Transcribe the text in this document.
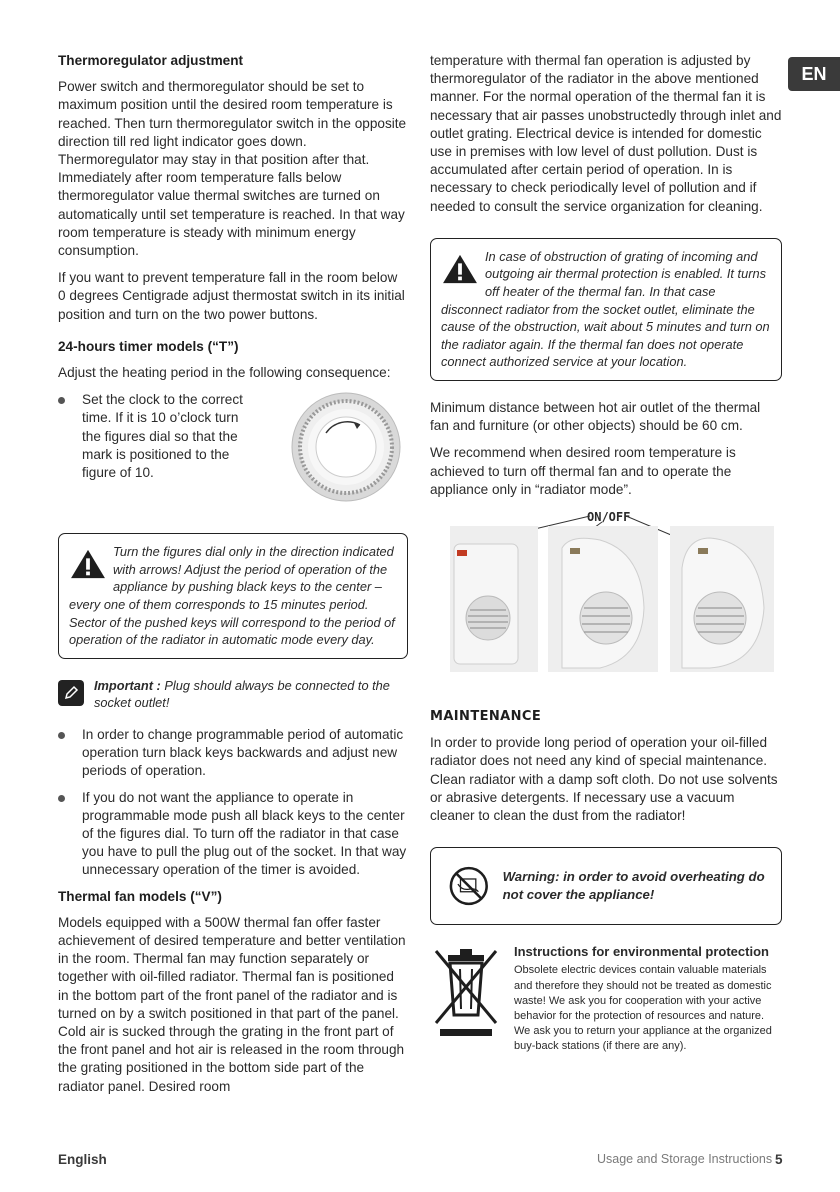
EN
Thermoregulator adjustment

Power switch and thermoregulator should be set to maximum position until the desired room temperature is reached. Then turn thermoregulator switch in the opposite direction till red light indicator goes down. Thermoregulator may stay in that position after that. Immediately after room temperature falls below thermoregulator value thermal switches are turned on automatically until set temperature is reached. In that way room temperature is steady with minimum energy consumption.

If you want to prevent temperature fall in the room below 0 degrees Centigrade adjust thermostat switch in its initial position and turn on the two power buttons.

24-hours timer models (“T”)

Adjust the heating period in the following consequence:

Set the clock to the correct time. If it is 10 o’clock turn the figures dial so that the mark is positioned to the figure of 10.
Turn the figures dial only in the direction indicated with arrows! Adjust the period of operation of the appliance by pushing black keys to the center – every one of them corresponds to 15 minutes period. Sector of the pushed keys will correspond to the period of operation of the radiator in automatic mode every day.
Important : Plug should always be connected to the socket outlet!
In order to change programmable period of automatic operation turn black keys backwards and adjust new periods of operation.
If you do not want the appliance to operate in programmable mode push all black keys to the center of the figures dial. To turn off the radiator in that case you have to pull the plug out of the socket. In that way unnecessary operation of the timer is avoided.
Thermal fan models (“V”)

Models equipped with a 500W thermal fan offer faster achievement of desired temperature and better ventilation in the room. Thermal fan may function separately or together with oil-filled radiator. Thermal fan is positioned in the bottom part of the front panel of the radiator and is turned on by a switch positioned in that part of the panel. Cold air is sucked through the grating in the front part of the front panel and hot air is released in the room through the grating positioned in the bottom side part of the radiator panel. Desired room

temperature with thermal fan operation is adjusted by thermoregulator of the radiator in the above mentioned manner. For the normal operation of the thermal fan it is necessary that air passes unobstructedly through inlet and outlet grating. Electrical device is intended for domestic use in premises with low level of dust pollution. Dust is accumulated after certain period of operation. In is necessary to check periodically level of pollution and if needed to consult the service organization for cleaning.

In case of obstruction of grating of incoming and outgoing air thermal protection is enabled. It turns off heater of the thermal fan. In that case disconnect radiator from the socket outlet, eliminate the cause of the obstruction, wait about 5 minutes and turn on the radiator again. If the thermal fan does not operate connect authorized service at your location.

Minimum distance between hot air outlet of the thermal fan and furniture (or other objects) should be 60 cm.

We recommend when desired room temperature is achieved to turn off thermal fan and to operate the appliance only in “radiator mode”.

ON/OFF
MAINTENANCE

In order to provide long period of operation your oil-filled radiator does not need any kind of special maintenance. Clean radiator with a damp soft cloth. Do not use solvents or abrasive detergents. If necessary use a vacuum cleaner to clean the dust from the radiator!

Warning: in order to avoid overheating do not cover the appliance!
Instructions for environmental protection
Obsolete electric devices contain valuable materials and therefore they should not be treated as domestic waste! We ask you for cooperation with your active behavior for the protection of resources and nature. We ask you to return your appliance at the organized buy-back stations (if there are any).
English	Usage and Storage Instructions 5
